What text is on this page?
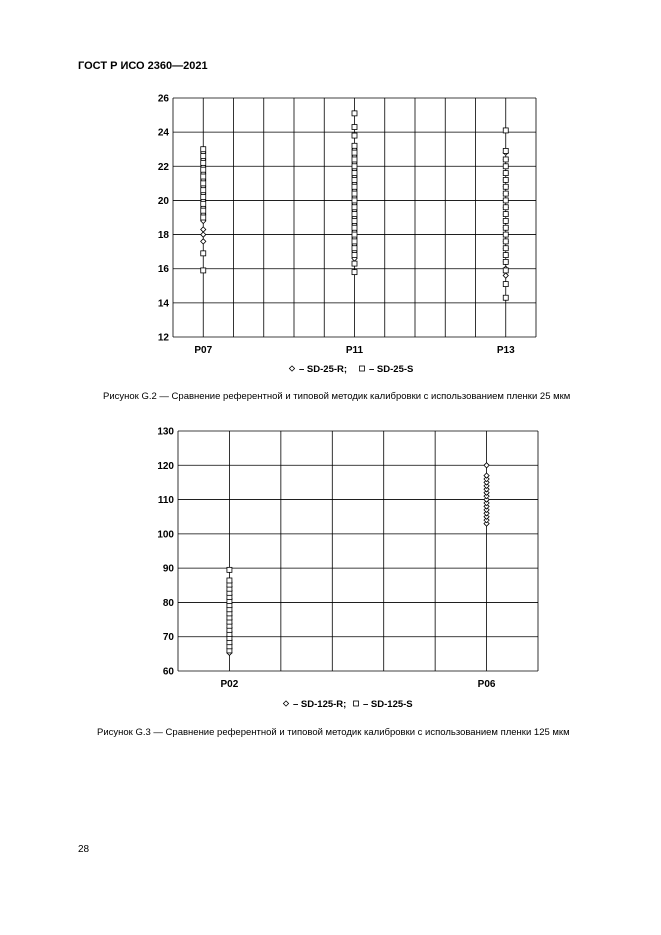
ГОСТ Р ИСО 2360—2021
12
14
16
18
20
22
24
26
P07	P11	P13
– SD-25-R; – SD-25-S
60
70
80
90
100
110
120
130
P02	P06
– SD-125-R; – SD-125-S
Рисунок G.2 — Сравнение референтной и типовой методик калибровки с использованием пленки 25 мкм
Рисунок G.3 — Сравнение референтной и типовой методик калибровки с использованием пленки 125 мкм
28
